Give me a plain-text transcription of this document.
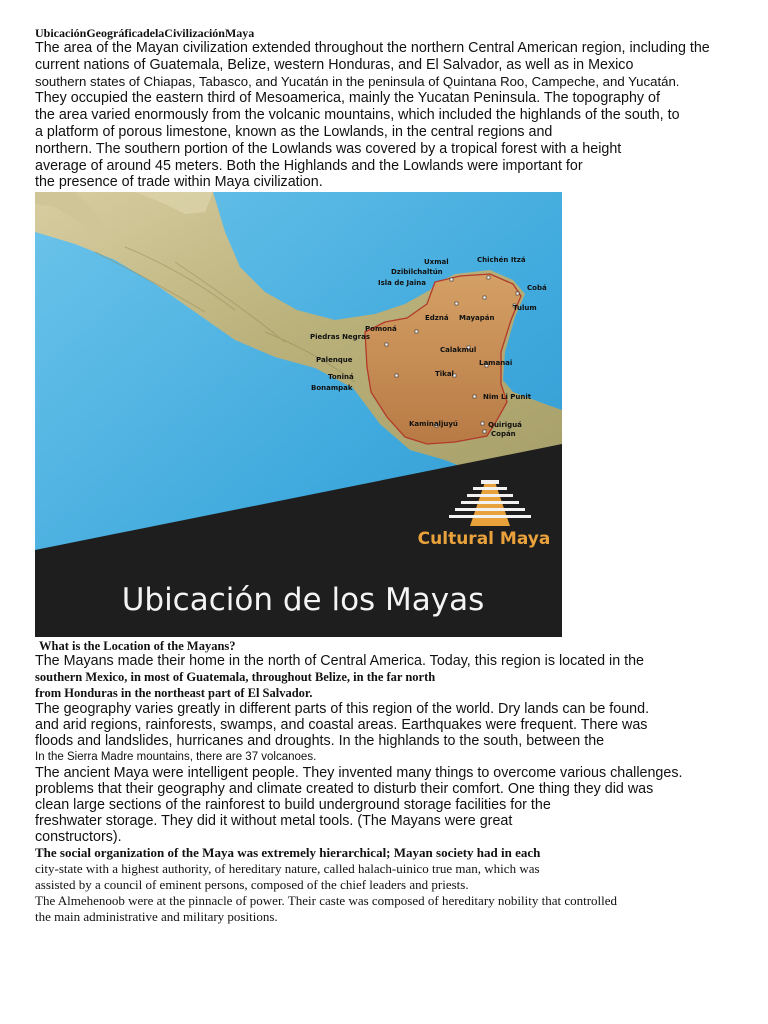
UbicaciónGeográficadelaCivilizaciónMaya
The area of the Mayan civilization extended throughout the northern Central American region, including the
current nations of Guatemala, Belize, western Honduras, and El Salvador, as well as in Mexico
southern states of Chiapas, Tabasco, and Yucatán in the peninsula of Quintana Roo, Campeche, and Yucatán.
They occupied the eastern third of Mesoamerica, mainly the Yucatan Peninsula. The topography of
the area varied enormously from the volcanic mountains, which included the highlands of the south, to
a platform of porous limestone, known as the Lowlands, in the central regions and
northern. The southern portion of the Lowlands was covered by a tropical forest with a height
average of around 45 meters. Both the Highlands and the Lowlands were important for
the presence of trade within Maya civilization.
Uxmal	Chichén Itzá
Dzibilchaltún
Isla de Jaina
Cobá
Tulum
Edzná Mayapán
Pomoná
Piedras Negras
Palenque
Calakmul
Lamanai
Toniná
Bonampak
Tikal
Nim Li Punit
Kaminaljuyú	Quiriguá
Copán
Cultural Maya
Ubicación de los Mayas
What is the Location of the Mayans?
The Mayans made their home in the north of Central America. Today, this region is located in the
southern Mexico, in most of Guatemala, throughout Belize, in the far north
from Honduras in the northeast part of El Salvador.
The geography varies greatly in different parts of this region of the world. Dry lands can be found.
and arid regions, rainforests, swamps, and coastal areas. Earthquakes were frequent. There was
floods and landslides, hurricanes and droughts. In the highlands to the south, between the
In the Sierra Madre mountains, there are 37 volcanoes.
The ancient Maya were intelligent people. They invented many things to overcome various challenges.
problems that their geography and climate created to disturb their comfort. One thing they did was
clean large sections of the rainforest to build underground storage facilities for the
freshwater storage. They did it without metal tools. (The Mayans were great
constructors).
The social organization of the Maya was extremely hierarchical; Mayan society had in each
city-state with a highest authority, of hereditary nature, called halach-uinico true man, which was
assisted by a council of eminent persons, composed of the chief leaders and priests.
The Almehenoob were at the pinnacle of power. Their caste was composed of hereditary nobility that controlled
the main administrative and military positions.
